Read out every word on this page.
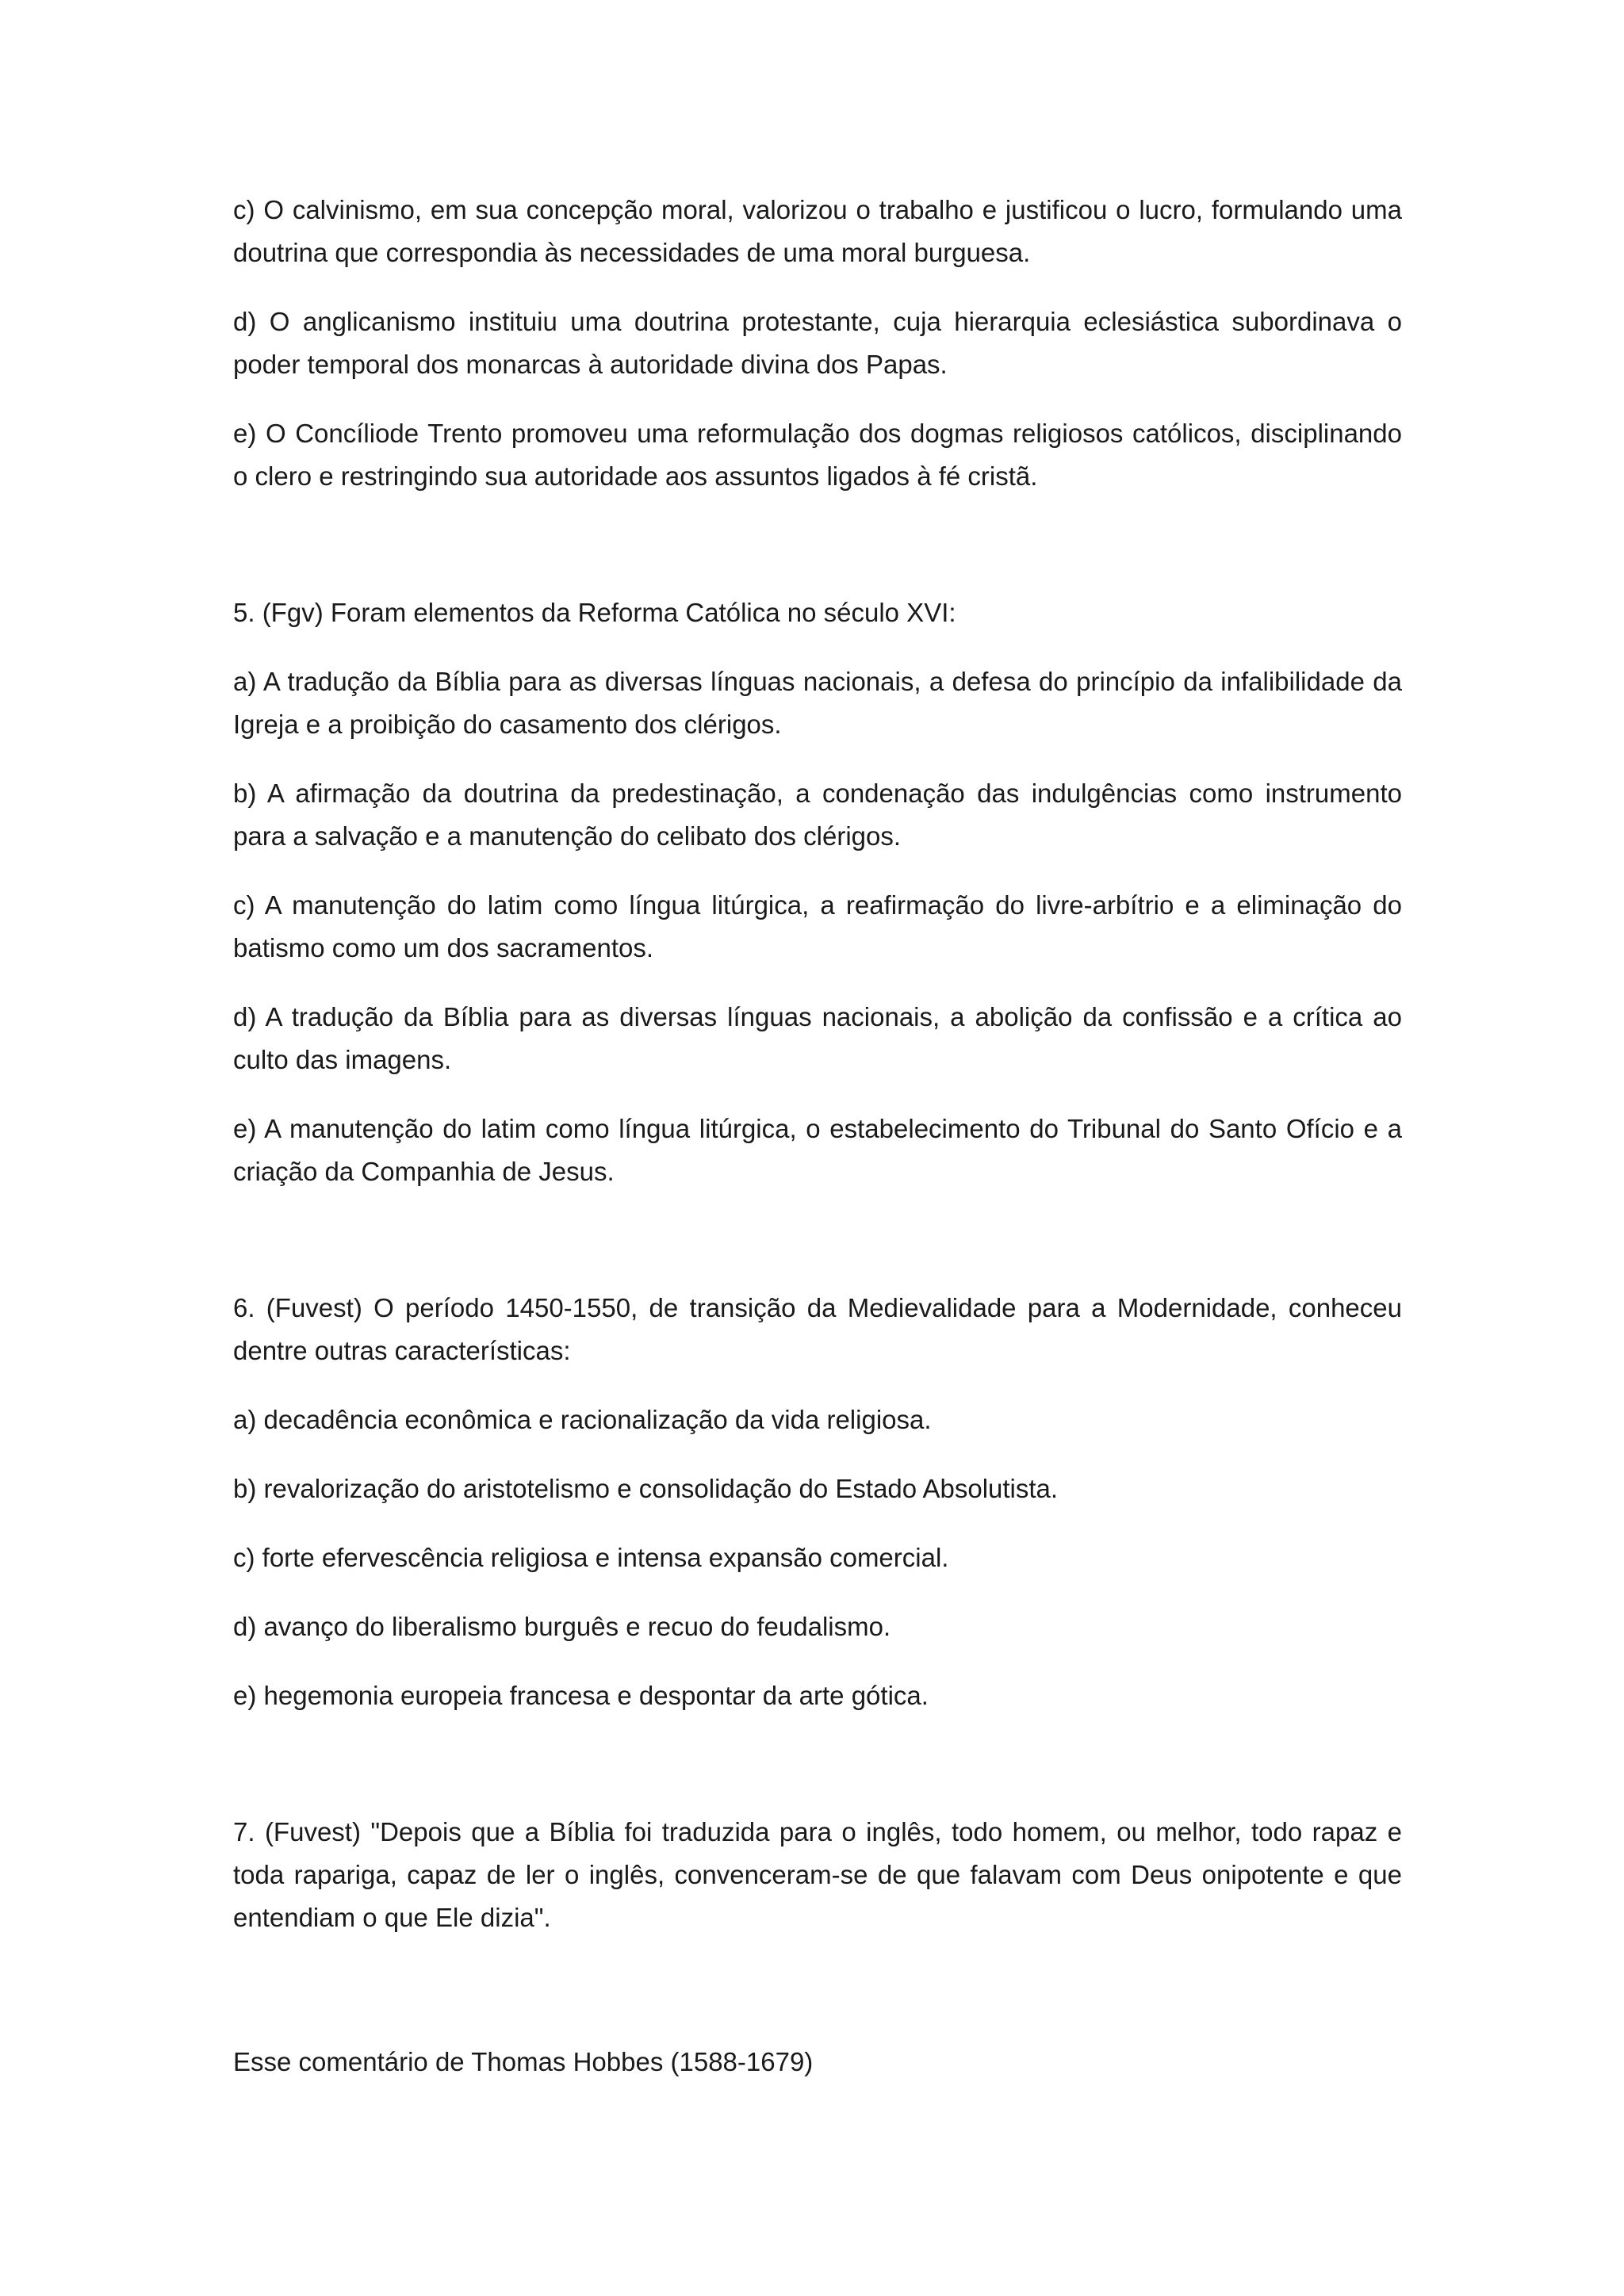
c) O calvinismo, em sua concepção moral, valorizou o trabalho e justificou o lucro, formulando uma doutrina que correspondia às necessidades de uma moral burguesa.

d) O anglicanismo instituiu uma doutrina protestante, cuja hierarquia eclesiástica subordinava o poder temporal dos monarcas à autoridade divina dos Papas.

e) O Concíliode Trento promoveu uma reformulação dos dogmas religiosos católicos, disciplinando o clero e restringindo sua autoridade aos assuntos ligados à fé cristã.

5. (Fgv) Foram elementos da Reforma Católica no século XVI:

a) A tradução da Bíblia para as diversas línguas nacionais, a defesa do princípio da infalibilidade da Igreja e a proibição do casamento dos clérigos.

b) A afirmação da doutrina da predestinação, a condenação das indulgências como instrumento para a salvação e a manutenção do celibato dos clérigos.

c) A manutenção do latim como língua litúrgica, a reafirmação do livre-arbítrio e a eliminação do batismo como um dos sacramentos.

d) A tradução da Bíblia para as diversas línguas nacionais, a abolição da confissão e a crítica ao culto das imagens.

e) A manutenção do latim como língua litúrgica, o estabelecimento do Tribunal do Santo Ofício e a criação da Companhia de Jesus.

6. (Fuvest) O período 1450-1550, de transição da Medievalidade para a Modernidade, conheceu dentre outras características:

a) decadência econômica e racionalização da vida religiosa.

b) revalorização do aristotelismo e consolidação do Estado Absolutista.

c) forte efervescência religiosa e intensa expansão comercial.

d) avanço do liberalismo burguês e recuo do feudalismo.

e) hegemonia europeia francesa e despontar da arte gótica.

7. (Fuvest) "Depois que a Bíblia foi traduzida para o inglês, todo homem, ou melhor, todo rapaz e toda rapariga, capaz de ler o inglês, convenceram-se de que falavam com Deus onipotente e que entendiam o que Ele dizia".

Esse comentário de Thomas Hobbes (1588-1679)
